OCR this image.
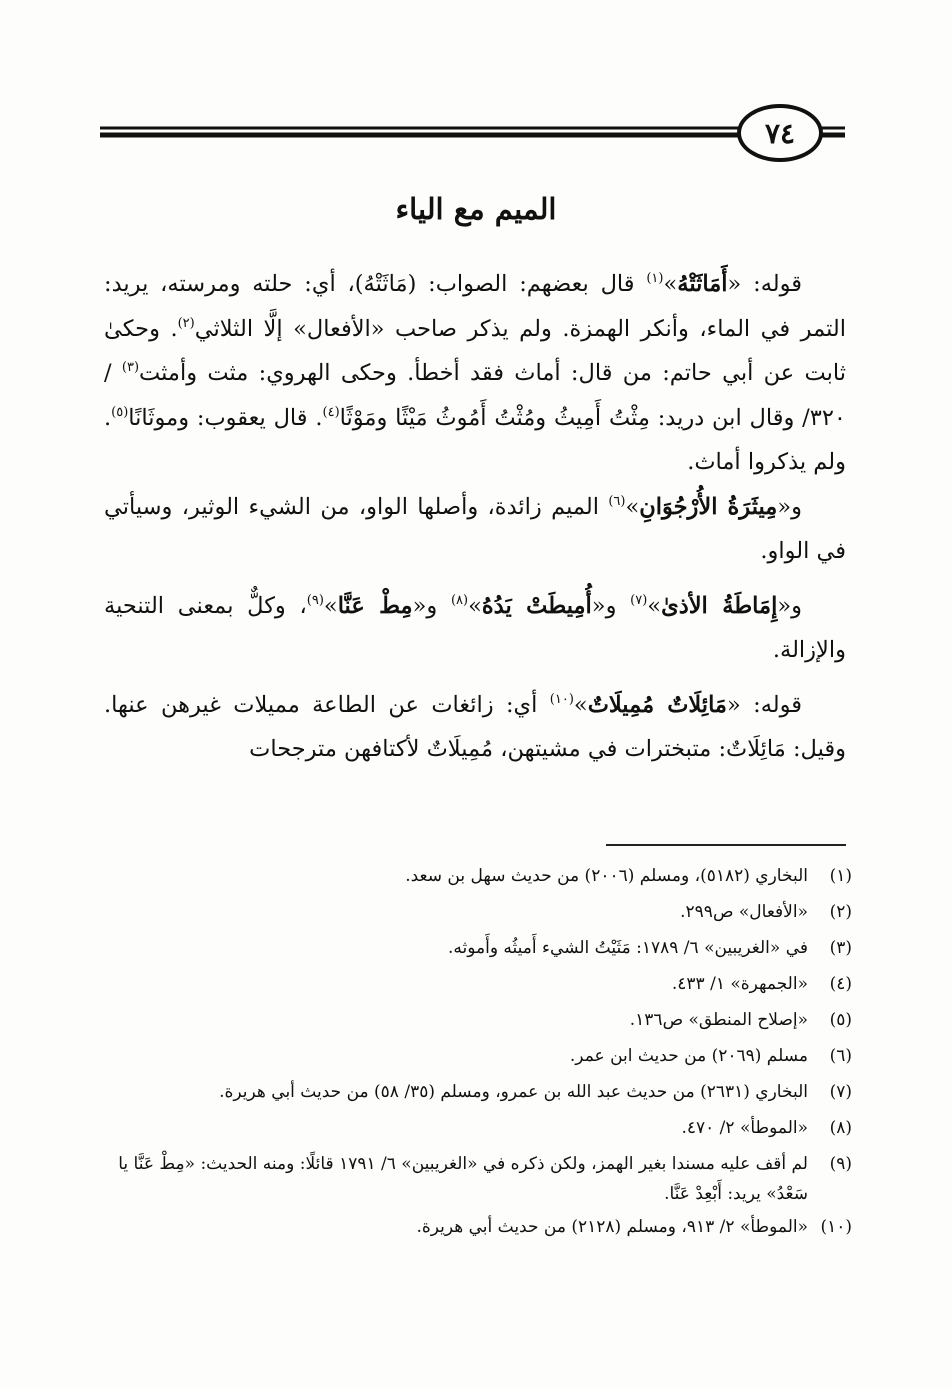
٧٤
الميم مع الياء

قوله: «أَمَاثَتْهُ»$^{(١)}$ قال بعضهم: الصواب: (مَاثَتْهُ)، أي: حلته ومرسته، يريد: التمر في الماء، وأنكر الهمزة. ولم يذكر صاحب «الأفعال» إلَّا الثلاثي$^{(٢)}$. وحكىٰ ثابت عن أبي حاتم: من قال: أماث فقد أخطأ. وحكى الهروي: مثت وأمثت$^{(٣)}$ /٣٢٠/ وقال ابن دريد: مِثْتُ أَمِيثُ ومُثْتُ أَمُوثُ مَيْثًا ومَوْثًا$^{(٤)}$. قال يعقوب: وموثَانًا$^{(٥)}$. ولم يذكروا أماث.

و«مِيثَرَةُ الأُرْجُوَانِ»$^{(٦)}$ الميم زائدة، وأصلها الواو، من الشيء الوثير، وسيأتي في الواو.

و«إِمَاطَةُ الأذىٰ»$^{(٧)}$ و«أُمِيطَتْ يَدُهُ»$^{(٨)}$ و«مِطْ عَنَّا»$^{(٩)}$، وكلٌّ بمعنى التنحية والإزالة.

قوله: «مَائِلَاتٌ مُمِيلَاتٌ»$^{(١٠)}$ أي: زائغات عن الطاعة مميلات غيرهن عنها. وقيل: مَائِلَاتٌ: متبخترات في مشيتهن، مُمِيلَاتٌ لأكتافهن مترجحات

(١)
البخاري (٥١٨٢)، ومسلم (٢٠٠٦) من حديث سهل بن سعد.
(٢)
«الأفعال» ص٢٩٩.
(٣)
في «الغريبين» ٦/ ١٧٨٩: مَثَيْتُ الشيء أَميثُه وأَموثه.
(٤)
«الجمهرة» ١/ ٤٣٣.
(٥)
«إصلاح المنطق» ص١٣٦.
(٦)
مسلم (٢٠٦٩) من حديث ابن عمر.
(٧)
البخاري (٢٦٣١) من حديث عبد الله بن عمرو، ومسلم (٣٥/ ٥٨) من حديث أبي هريرة.
(٨)
«الموطأ» ٢/ ٤٧٠.
(٩)
لم أقف عليه مسندا بغير الهمز، ولكن ذكره في «الغريبين» ٦/ ١٧٩١ قائلًا: ومنه الحديث: «مِطْ عَنَّا يا سَعْدُ» يريد: أَبْعِدْ عَنَّا.
(١٠)
«الموطأ» ٢/ ٩١٣، ومسلم (٢١٢٨) من حديث أبي هريرة.
